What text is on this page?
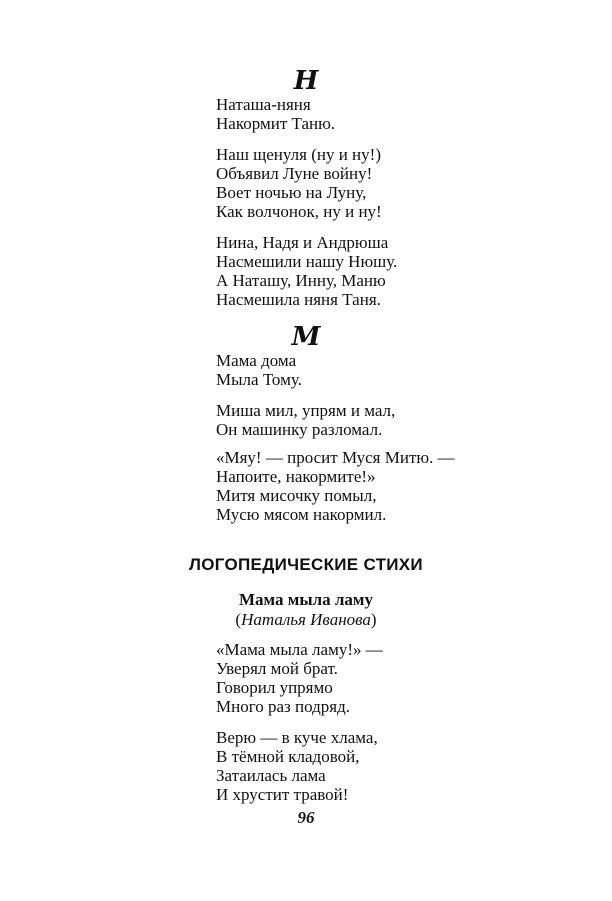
Н
Наташа-няня
Накормит Таню.
Наш щенуля (ну и ну!)
Объявил Луне войну!
Воет ночью на Луну,
Как волчонок, ну и ну!
Нина, Надя и Андрюша
Насмешили нашу Нюшу.
А Наташу, Инну, Маню
Насмешила няня Таня.
М
Мама дома
Мыла Тому.
Миша мил, упрям и мал,
Он машинку разломал.
«Мяу! — просит Муся Митю. —
Напоите, накормите!»
Митя мисочку помыл,
Мусю мясом накормил.
ЛОГОПЕДИЧЕСКИЕ СТИХИ
Мама мыла ламу
(Наталья Иванова)
«Мама мыла ламу!» —
Уверял мой брат.
Говорил упрямо
Много раз подряд.
Верю — в куче хлама,
В тёмной кладовой,
Затаилась лама
И хрустит травой!
96
